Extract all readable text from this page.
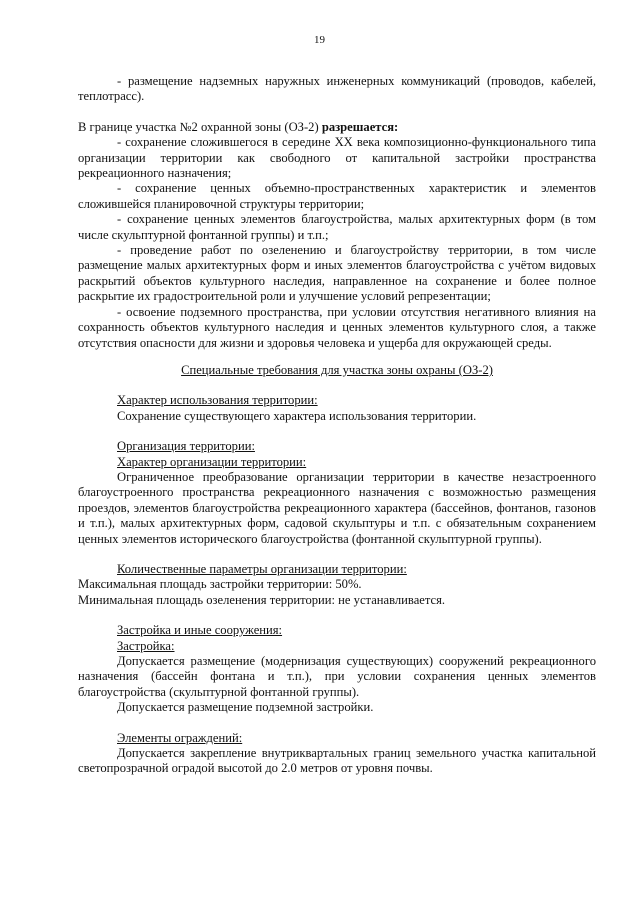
19

- размещение надземных наружных инженерных коммуникаций (проводов, кабелей, теплотрасс).

В границе участка №2 охранной зоны (ОЗ-2) разрешается:

- сохранение сложившегося в середине XX века композиционно-функционального типа организации территории как свободного от капитальной застройки пространства рекреационного назначения;

- сохранение ценных объемно-пространственных характеристик и элементов сложившейся планировочной структуры территории;

- сохранение ценных элементов благоустройства, малых архитектурных форм (в том числе скульптурной фонтанной группы) и т.п.;

- проведение работ по озеленению и благоустройству территории, в том числе размещение малых архитектурных форм и иных элементов благоустройства с учётом видовых раскрытий объектов культурного наследия, направленное на сохранение и более полное раскрытие их градостроительной роли и улучшение условий репрезентации;

- освоение подземного пространства, при условии отсутствия негативного влияния на сохранность объектов культурного наследия и ценных элементов культурного слоя, а также отсутствия опасности для жизни и здоровья человека и ущерба для окружающей среды.

Специальные требования для участка зоны охраны (ОЗ-2)

Характер использования территории:

Сохранение существующего характера использования территории.

Организация территории:

Характер организации территории:

Ограниченное преобразование организации территории в качестве незастроенного благоустроенного пространства рекреационного назначения с возможностью размещения проездов, элементов благоустройства рекреационного характера (бассейнов, фонтанов, газонов и т.п.), малых архитектурных форм, садовой скульптуры и т.п. с обязательным сохранением ценных элементов исторического благоустройства (фонтанной скульптурной группы).

Количественные параметры организации территории:

Максимальная площадь застройки территории: 50%.

Минимальная площадь озеленения территории: не устанавливается.

Застройка и иные сооружения:

Застройка:

Допускается размещение (модернизация существующих) сооружений рекреационного назначения (бассейн фонтана и т.п.), при условии сохранения ценных элементов благоустройства (скульптурной фонтанной группы).

Допускается размещение подземной застройки.

Элементы ограждений:

Допускается закрепление внутриквартальных границ земельного участка капитальной светопрозрачной оградой высотой до 2.0 метров от уровня почвы.
